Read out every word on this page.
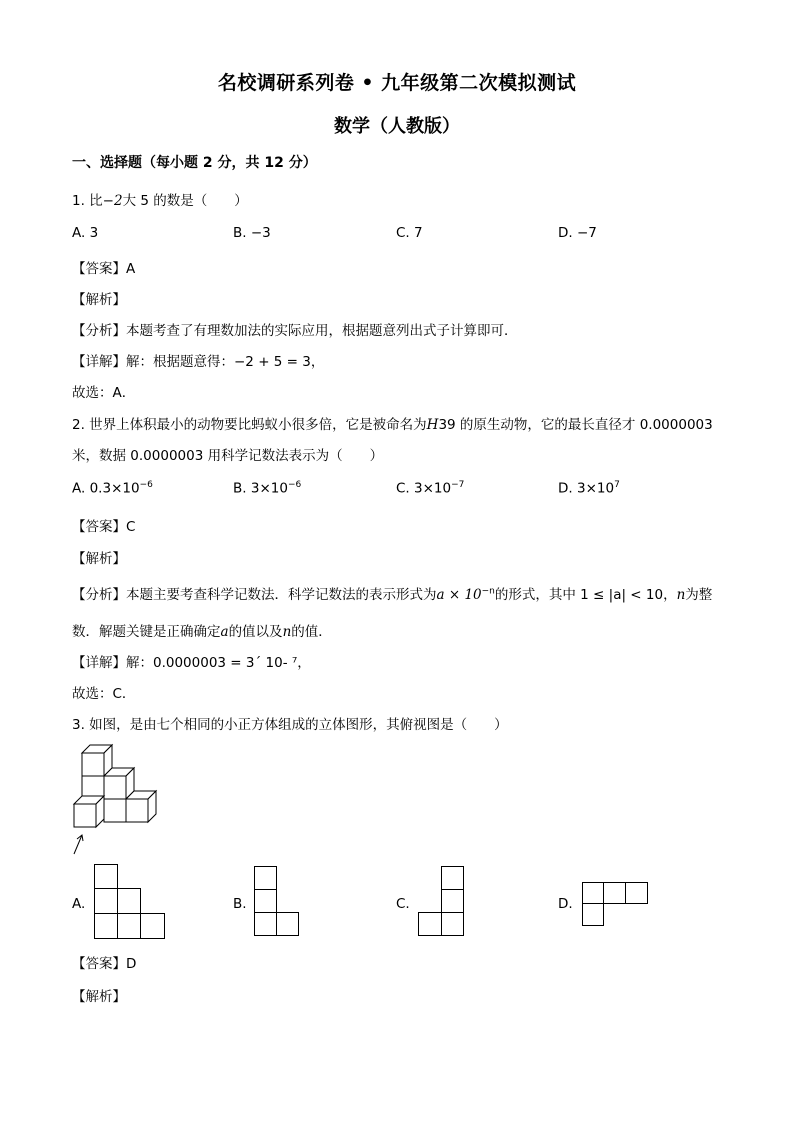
名校调研系列卷 • 九年级第二次模拟测试
数学（人教版）
一、选择题（每小题 2 分，共 12 分）
1. 比−2大 5 的数是（　　）
A. 3	B. −3	C. 7	D. −7
【答案】A
【解析】
【分析】本题考查了有理数加法的实际应用，根据题意列出式子计算即可．
【详解】解：根据题意得：−2 + 5 = 3，
故选：A．
2. 世界上体积最小的动物要比蚂蚁小很多倍，它是被命名为H39 的原生动物，它的最长直径才 0.0000003
米，数据 0.0000003 用科学记数法表示为（　　）
A. $0.3\times 10^{-6}$	B. $3\times 10^{-6}$	C. $3\times 10^{-7}$	D. $3\times 10^7$
【答案】C
【解析】
【分析】本题主要考查科学记数法．科学记数法的表示形式为$a \times 10^{-n}$的形式，其中 1 ≤ |a| < 10，n为整
数．解题关键是正确确定a的值以及n的值．
【详解】解：0.0000003 = 3´ 10- ⁷，
故选：C．
3. 如图，是由七个相同的小正方体组成的立体图形，其俯视图是（　　）
A.	B.	C.	D.
【答案】D
【解析】
